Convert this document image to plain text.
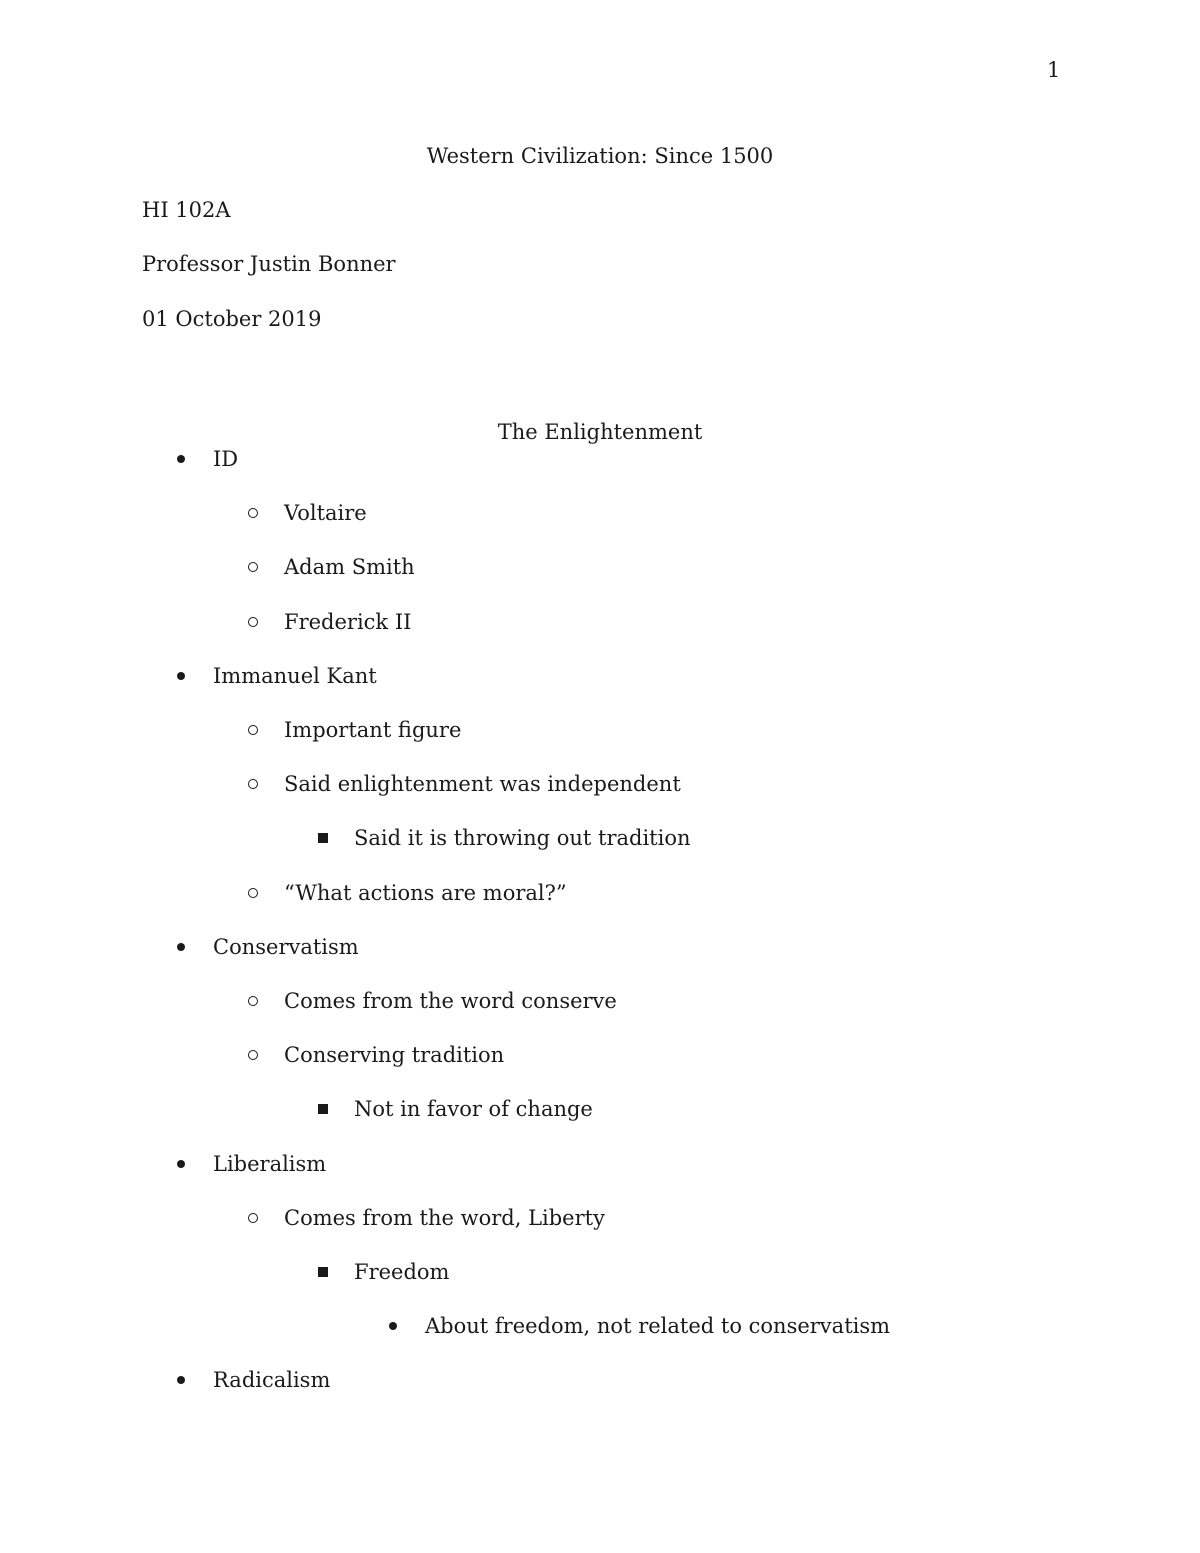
1
Western Civilization: Since 1500
HI 102A
Professor Justin Bonner
01 October 2019
The Enlightenment
ID
Voltaire
Adam Smith
Frederick II
Immanuel Kant
Important figure
Said enlightenment was independent
Said it is throwing out tradition
“What actions are moral?”
Conservatism
Comes from the word conserve
Conserving tradition
Not in favor of change
Liberalism
Comes from the word, Liberty
Freedom
About freedom, not related to conservatism
Radicalism
